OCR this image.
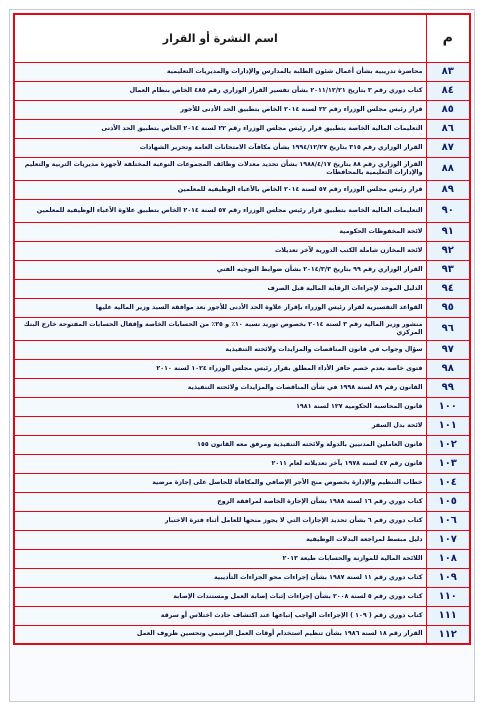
م	اسم النشرة أو القرار
٨٣	محاضرة تدريبية بشأن أعمال شئون الطلبة بالمدارس والإدارات والمديريات التعليمية
٨٤	كتاب دوري رقم ٣ بتاريخ ٢٠١١/١٢/٢١ بشأن تفسير القرار الوزاري رقم ٤٨٥ الخاص بنظام العمال
٨٥	قرار رئيس مجلس الوزراء رقم ٢٢ لسنة ٢٠١٤ الخاص بتطبيق الحد الأدنى للأجور
٨٦	التعليمات المالية الخاصة بتطبيق قرار رئيس مجلس الوزراء رقم ٢٢ لسنة ٢٠١٤ الخاص بتطبيق الحد الأدنى
٨٧	القرار الوزاري رقم ٣١٥ بتاريخ ١٩٩٤/١٢/٢٧ بشأن مكافآت الامتحانات العامة وتحرير الشهادات
٨٨	القرار الوزاري رقم ٨٨ بتاريخ ١٩٨٨/٤/١٧ بشأن تحديد معدلات وظائف المجموعات النوعية المختلفة لأجهزة مديريات التربية والتعليم والإدارات التعليمية بالمحافظات
٨٩	قرار رئيس مجلس الوزراء رقم ٥٧ لسنة ٢٠١٤ الخاص بالأعباء الوظيفية للمعلمين
٩٠	التعليمات المالية الخاصة بتطبيق قرار رئيس مجلس الوزراء رقم ٥٧ لسنة ٢٠١٤ الخاص بتطبيق علاوة الأعباء الوظيفية للمعلمين
٩١	لائحة المخفوظات الحكومية
٩٢	لائحة المخازن شاملة الكتب الدورية لآخر تعديلات
٩٣	القرار الوزاري رقم ٩٩ بتاريخ ٢٠١٤/٣/٣ بشأن ضوابط التوجيه الفني
٩٤	الدليل الموحد لإجراءات الرقابة المالية قبل الصرف
٩٥	القواعد التفسيرية لقرار رئيس الوزراء بإقرار علاوة الحد الأدنى للأجور بعد موافقة السيد وزير المالية عليها
٩٦	منشور وزير المالية رقم ٣ لسنة ٢٠١٤ بخصوص توريد نسبة ١٠٪ و ٢٥٪ من الحسابات الخاصة وإقفال الحسابات المفتوحة خارج البنك المركزي
٩٧	سؤال وجواب في قانون المناقصات والمزايدات ولائحته التنفيذية
٩٨	فتوى خاصة بعدم خصم حافز الأداء المطلق بقرار رئيس مجلس الوزراء ١٠٢٤ لسنة ٢٠١٠
٩٩	القانون رقم ٨٩ لسنة ١٩٩٨ في شأن المناقصات والمزايدات ولائحته التنفيذية
١٠٠	قانون المحاسبة الحكومية ١٢٧ لسنة ١٩٨١
١٠١	لائحة بدل السفر
١٠٢	قانون العاملين المدنيين بالدولة ولائحته التنفيذية ومرفق معه القانون ١٥٥
١٠٣	قانون رقم ٤٧ لسنة ١٩٧٨ بآخر تعديلاته لعام ٢٠١١
١٠٤	خطاب التنظيم والإدارة بخصوص منح الأجر الإضافي والمكافأة للحاصل على إجازة مرضية
١٠٥	كتاب دوري رقم ١٦ لسنة ١٩٨٨ بشأن الإجازة الخاصة لمرافقة الزوج
١٠٦	كتاب دوري رقم ٦ بشأن تحديد الإجازات التي لا يجوز منحها للعامل أثناء فترة الاختبار
١٠٧	دليل مبسط لمراجعة البدلات الوظيفية
١٠٨	اللائحة المالية للموازنة والحسابات طبعة ٢٠١٣
١٠٩	كتاب دوري رقم ١١ لسنة ١٩٨٧ بشأن إجراءات محو الجزاءات التأديبية
١١٠	كتاب دوري رقم ٥ لسنة ٢٠٠٨ بشأن إجراءات إثبات إصابة العمل ومستندات الإصابة
١١١	كتاب دوري رقم ( ١٠٩ ) الإجراءات الواجب إتباعها عند اكتشاف حادث اختلاس أو سرقة
١١٢	القرار رقم ١٨ لسنة ١٩٨٦ بشأن تنظيم استخدام أوقات العمل الرسمي وتحسين ظروف العمل
